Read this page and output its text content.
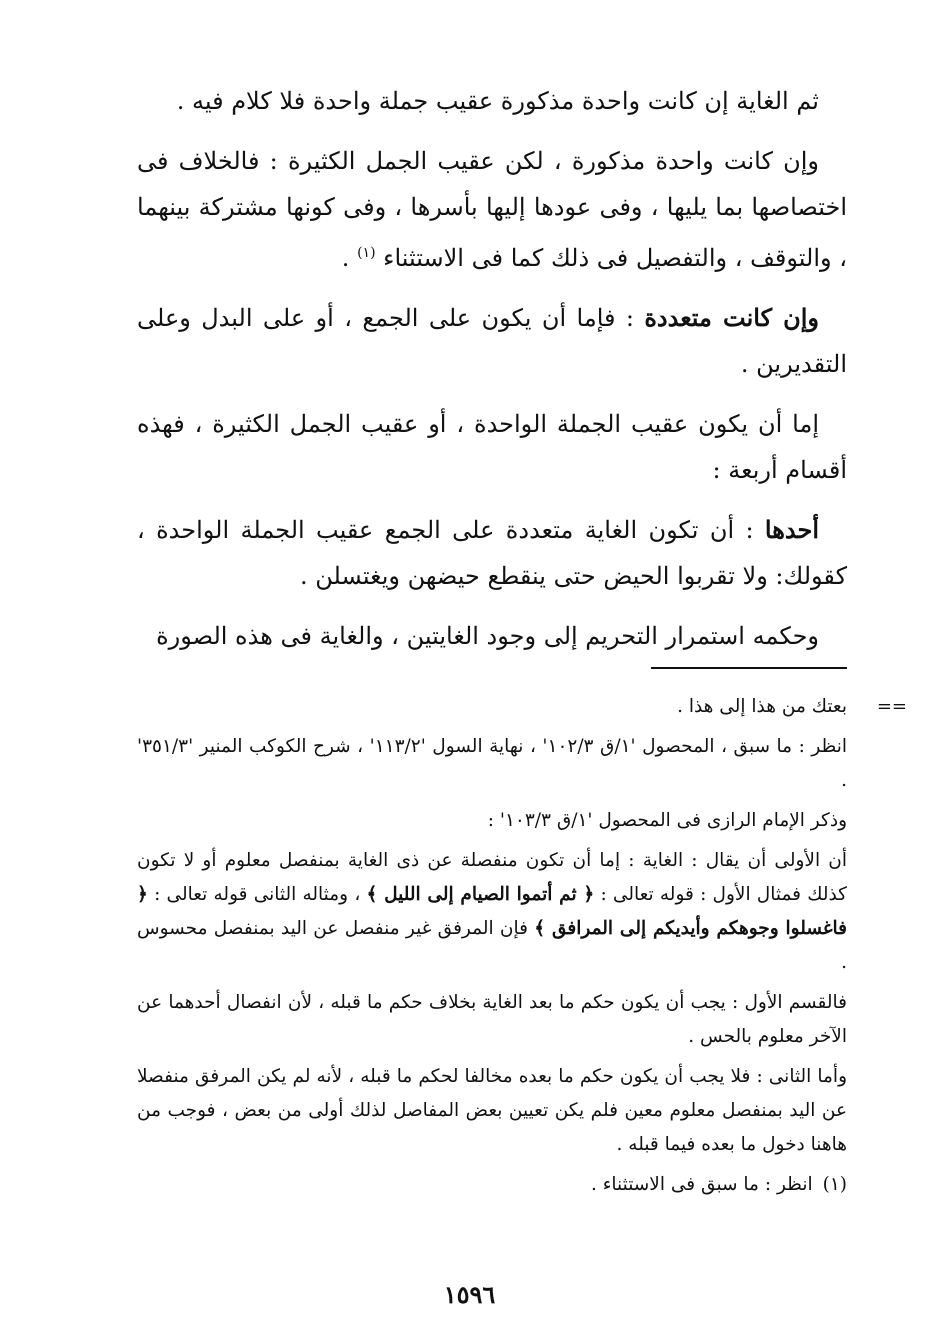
ثم الغاية إن كانت واحدة مذكورة عقيب جملة واحدة فلا كلام فيه .

وإن كانت واحدة مذكورة ، لكن عقيب الجمل الكثيرة : فالخلاف فى اختصاصها بما يليها ، وفى عودها إليها بأسرها ، وفى كونها مشتركة بينهما ، والتوقف ، والتفصيل فى ذلك كما فى الاستثناء $^{(١)}$ .

وإن كانت متعددة : فإما أن يكون على الجمع ، أو على البدل وعلى التقديرين .

إما أن يكون عقيب الجملة الواحدة ، أو عقيب الجمل الكثيرة ، فهذه أقسام أربعة :

أحدها : أن تكون الغاية متعددة على الجمع عقيب الجملة الواحدة ، كقولك: ولا تقربوا الحيض حتى ينقطع حيضهن ويغتسلن .

وحكمه استمرار التحريم إلى وجود الغايتين ، والغاية فى هذه الصورة

==

بعتك من هذا إلى هذا .

انظر : ما سبق ، المحصول '١/ق ١٠٢/٣' ، نهاية السول '١١٣/٢' ، شرح الكوكب المنير '٣٥١/٣' .

وذكر الإمام الرازى فى المحصول '١/ق ١٠٣/٣' :

أن الأولى أن يقال : الغاية : إما أن تكون منفصلة عن ذى الغاية بمنفصل معلوم أو لا تكون كذلك فمثال الأول : قوله تعالى : ﴿ ثم أتموا الصيام إلى الليل ﴾ ، ومثاله الثانى قوله تعالى : ﴿ فاغسلوا وجوهكم وأيديكم إلى المرافق ﴾ فإن المرفق غير منفصل عن اليد بمنفصل محسوس .

فالقسم الأول : يجب أن يكون حكم ما بعد الغاية بخلاف حكم ما قبله ، لأن انفصال أحدهما عن الآخر معلوم بالحس .

وأما الثانى : فلا يجب أن يكون حكم ما بعده مخالفا لحكم ما قبله ، لأنه لم يكن المرفق منفصلا عن اليد بمنفصل معلوم معين فلم يكن تعيين بعض المفاصل لذلك أولى من بعض ، فوجب من هاهنا دخول ما بعده فيما قبله .

(١)انظر : ما سبق فى الاستثناء .

١٥٩٦
